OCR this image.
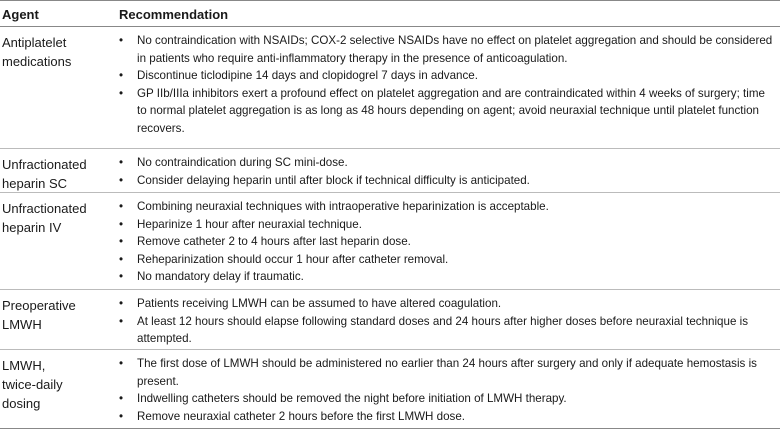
Agent	Recommendation
Antiplatelet medications
• No contraindication with NSAIDs; COX-2 selective NSAIDs have no effect on platelet aggregation and should be considered in patients who require anti-inflammatory therapy in the presence of anticoagulation.
• Discontinue ticlodipine 14 days and clopidogrel 7 days in advance.
• GP IIb/IIIa inhibitors exert a profound effect on platelet aggregation and are contraindicated within 4 weeks of surgery; time to normal platelet aggregation is as long as 48 hours depending on agent; avoid neuraxial technique until platelet function recovers.
Unfractionated heparin SC
• No contraindication during SC mini-dose.
• Consider delaying heparin until after block if technical difficulty is anticipated.
Unfractionated heparin IV
• Combining neuraxial techniques with intraoperative heparinization is acceptable.
• Heparinize 1 hour after neuraxial technique.
• Remove catheter 2 to 4 hours after last heparin dose.
• Reheparinization should occur 1 hour after catheter removal.
• No mandatory delay if traumatic.
Preoperative LMWH
• Patients receiving LMWH can be assumed to have altered coagulation.
• At least 12 hours should elapse following standard doses and 24 hours after higher doses before neuraxial technique is attempted.
LMWH, twice-daily dosing
• The first dose of LMWH should be administered no earlier than 24 hours after surgery and only if adequate hemostasis is present.
• Indwelling catheters should be removed the night before initiation of LMWH therapy.
• Remove neuraxial catheter 2 hours before the first LMWH dose.
